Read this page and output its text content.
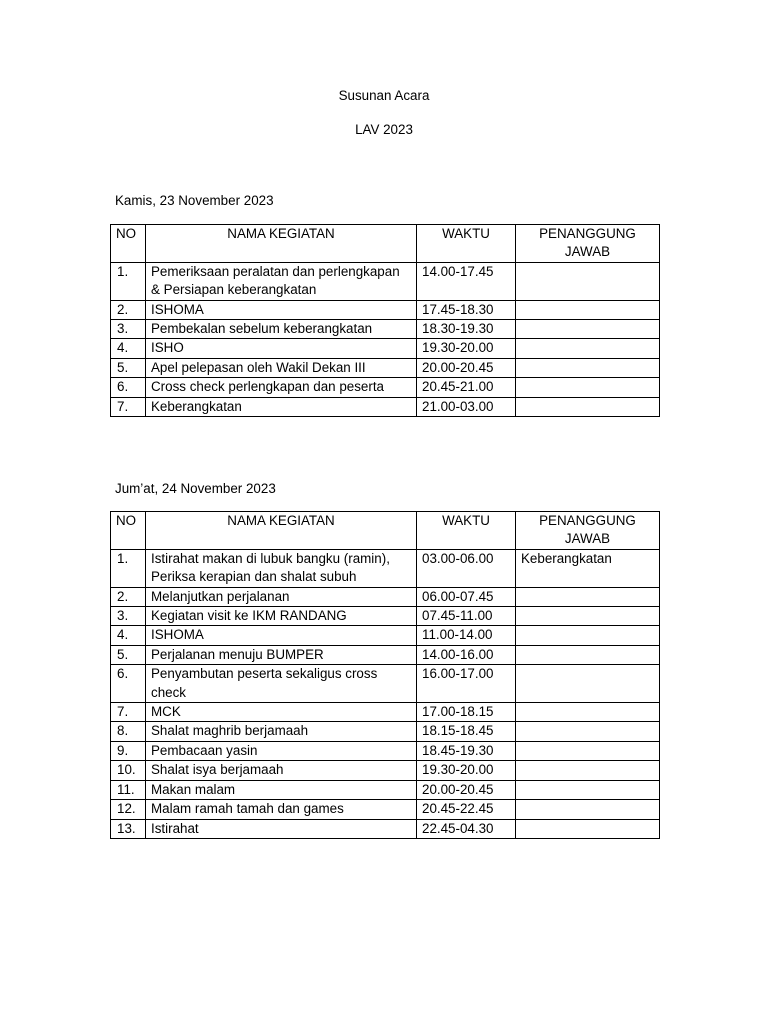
Susunan Acara
LAV 2023
Kamis, 23 November 2023
NO	NAMA KEGIATAN	WAKTU	PENANGGUNG JAWAB
1.	Pemeriksaan peralatan dan perlengkapan & Persiapan keberangkatan	14.00-17.45	
2.	ISHOMA	17.45-18.30	
3.	Pembekalan sebelum keberangkatan	18.30-19.30	
4.	ISHO	19.30-20.00	
5.	Apel pelepasan oleh Wakil Dekan III	20.00-20.45	
6.	Cross check perlengkapan dan peserta	20.45-21.00	
7.	Keberangkatan	21.00-03.00	
Jum’at, 24 November 2023
NO	NAMA KEGIATAN	WAKTU	PENANGGUNG JAWAB
1.	Istirahat makan di lubuk bangku (ramin), Periksa kerapian dan shalat subuh	03.00-06.00	Keberangkatan
2.	Melanjutkan perjalanan	06.00-07.45	
3.	Kegiatan visit ke IKM RANDANG	07.45-11.00	
4.	ISHOMA	11.00-14.00	
5.	Perjalanan menuju BUMPER	14.00-16.00	
6.	Penyambutan peserta sekaligus cross check	16.00-17.00	
7.	MCK	17.00-18.15	
8.	Shalat maghrib berjamaah	18.15-18.45	
9.	Pembacaan yasin	18.45-19.30	
10.	Shalat isya berjamaah	19.30-20.00	
11.	Makan malam	20.00-20.45	
12.	Malam ramah tamah dan games	20.45-22.45	
13.	Istirahat	22.45-04.30	
